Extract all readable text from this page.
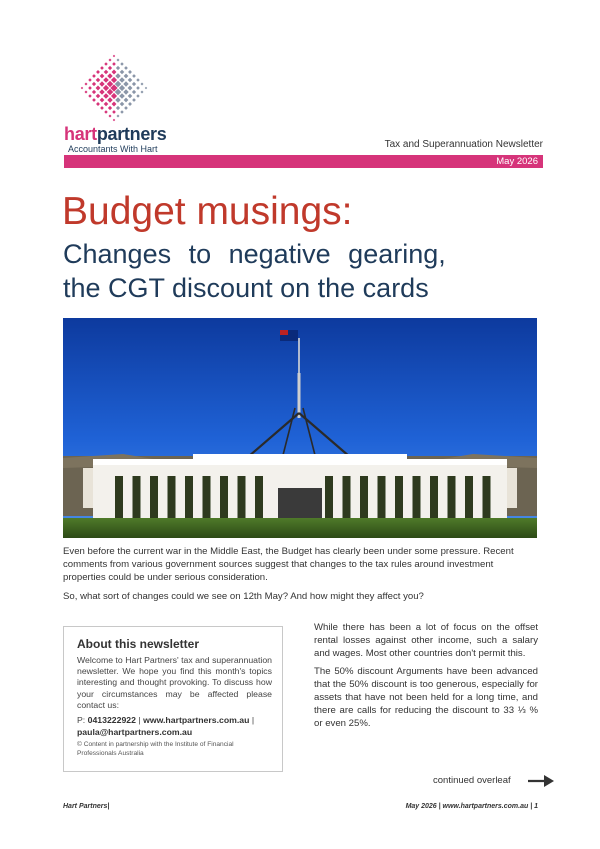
hartpartners
Accountants With Hart	Tax and Superannuation Newsletter
May 2026
Budget musings:
Changes to negative gearing,
the CGT discount on the cards

Even before the current war in the Middle East, the Budget has clearly been under some pressure. Recent comments from various government sources suggest that changes to the tax rules around investment properties could be under serious consideration.

So, what sort of changes could we see on 12th May? And how might they affect you?

About this newsletter

Welcome to Hart Partners' tax and superannuation newsletter. We hope you find this month's topics interesting and thought provoking. To discuss how your circumstances may be affected please contact us:

P: 0413222922 | www.hartpartners.com.au | paula@hartpartners.com.au

© Content in partnership with the Institute of Financial Professionals Australia

While there has been a lot of focus on the offset rental losses against other income, such a salary and wages. Most other countries don't permit this.

The 50% discount Arguments have been advanced that the 50% discount is too generous, especially for assets that have not been held for a long time, and there are calls for reducing the discount to 33 ⅓ % or even 25%.

continued overleaf
Hart Partners|	May 2026 | www.hartpartners.com.au | 1
